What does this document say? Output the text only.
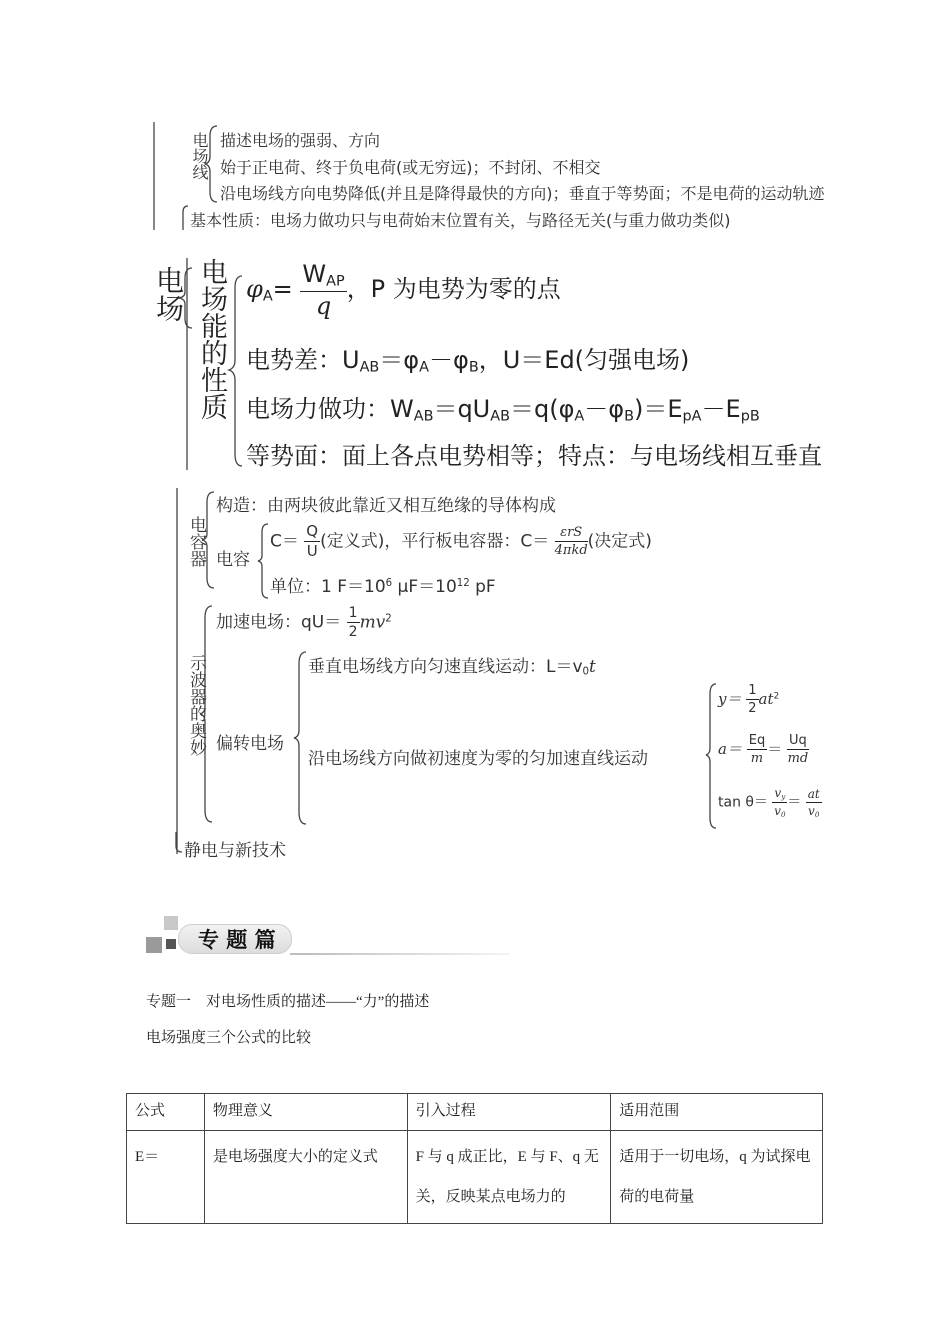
电场线 描述电场的强弱、方向
始于正电荷、终于负电荷(或无穷远)；不封闭、不相交
沿电场线方向电势降低(并且是降得最快的方向)；垂直于等势面；不是电荷的运动轨迹
基本性质：电场力做功只与电荷始末位置有关，与路径无关(与重力做功类似)
电场 电场能的性质 $\varphi_A= \frac{W_{AP}}{q}$ ，P 为电势为零的点
电势差：$U_{AB}=\varphi_A-\varphi_B$，U＝Ed(匀强电场)
电场力做功：$W_{AB}=qU_{AB}=q(\varphi_A-\varphi_B)=E_{pA}-E_{pB}$
等势面：面上各点电势相等；特点：与电场线相互垂直
电容器
构造：由两块彼此靠近又相互绝缘的导体构成
电容
$C= \frac{Q}{U}$ (定义式)，平行板电容器：$C= \frac{\text{εrS}}{\text{4πkd}}$ (决定式)
单位：1 $F=10^6$ $\mu F=10^{12}$ pF
示波器的奥妙
加速电场：$qU= \frac{1}{2} mv^2$
偏转电场
垂直电场线方向匀速直线运动：$L=v_0t$
沿电场线方向做初速度为零的匀加速直线运动
$y= \frac{1}{2} at^2$
$a= \frac{Eq}{m} = \frac{Uq}{md}$
$\tan \theta= \frac{v_y}{v_0} = \frac{at}{v_0}$
静电与新技术
专 题 篇
专题一　对电场性质的描述——“力”的描述
电场强度三个公式的比较
公式	物理意义	引入过程	适用范围
E＝	是电场强度大小的定义式	F 与 q 成正比，E 与 F、q 无关，反映某点电场力的	适用于一切电场，q 为试探电荷的电荷量
